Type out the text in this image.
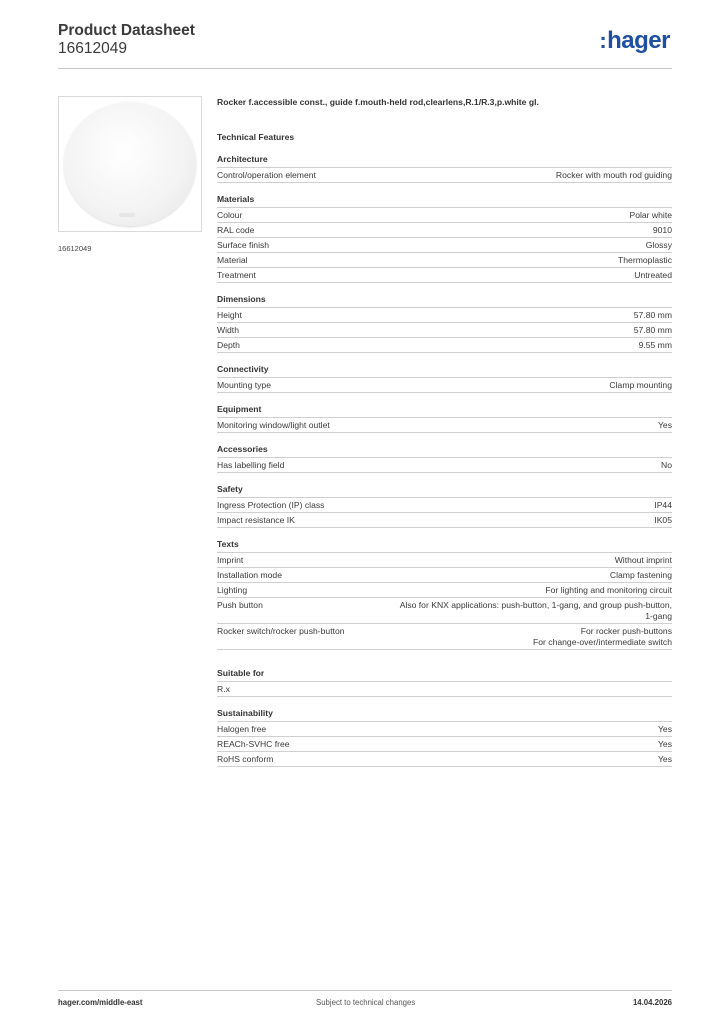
Product Datasheet
16612049	:hager
16612049
Rocker f.accessible const., guide f.mouth-held rod,clearlens,R.1/R.3,p.white gl.
Technical Features
Architecture
Control/operation element	Rocker with mouth rod guiding
Materials
Colour	Polar white
RAL code	9010
Surface finish	Glossy
Material	Thermoplastic
Treatment	Untreated
Dimensions
Height	57.80 mm
Width	57.80 mm
Depth	9.55 mm
Connectivity
Mounting type	Clamp mounting
Equipment
Monitoring window/light outlet	Yes
Accessories
Has labelling field	No
Safety
Ingress Protection (IP) class	IP44
Impact resistance IK	IK05
Texts
Imprint	Without imprint
Installation mode	Clamp fastening
Lighting	For lighting and monitoring circuit
Push button	Also for KNX applications: push-button, 1-gang, and group push-button,
1-gang
Rocker switch/rocker push-button	For rocker push-buttons
For change-over/intermediate switch
Suitable for
R.x

Sustainability
Halogen free	Yes
REACh-SVHC free	Yes
RoHS conform	Yes
hager.com/middle-east	Subject to technical changes	14.04.2026
